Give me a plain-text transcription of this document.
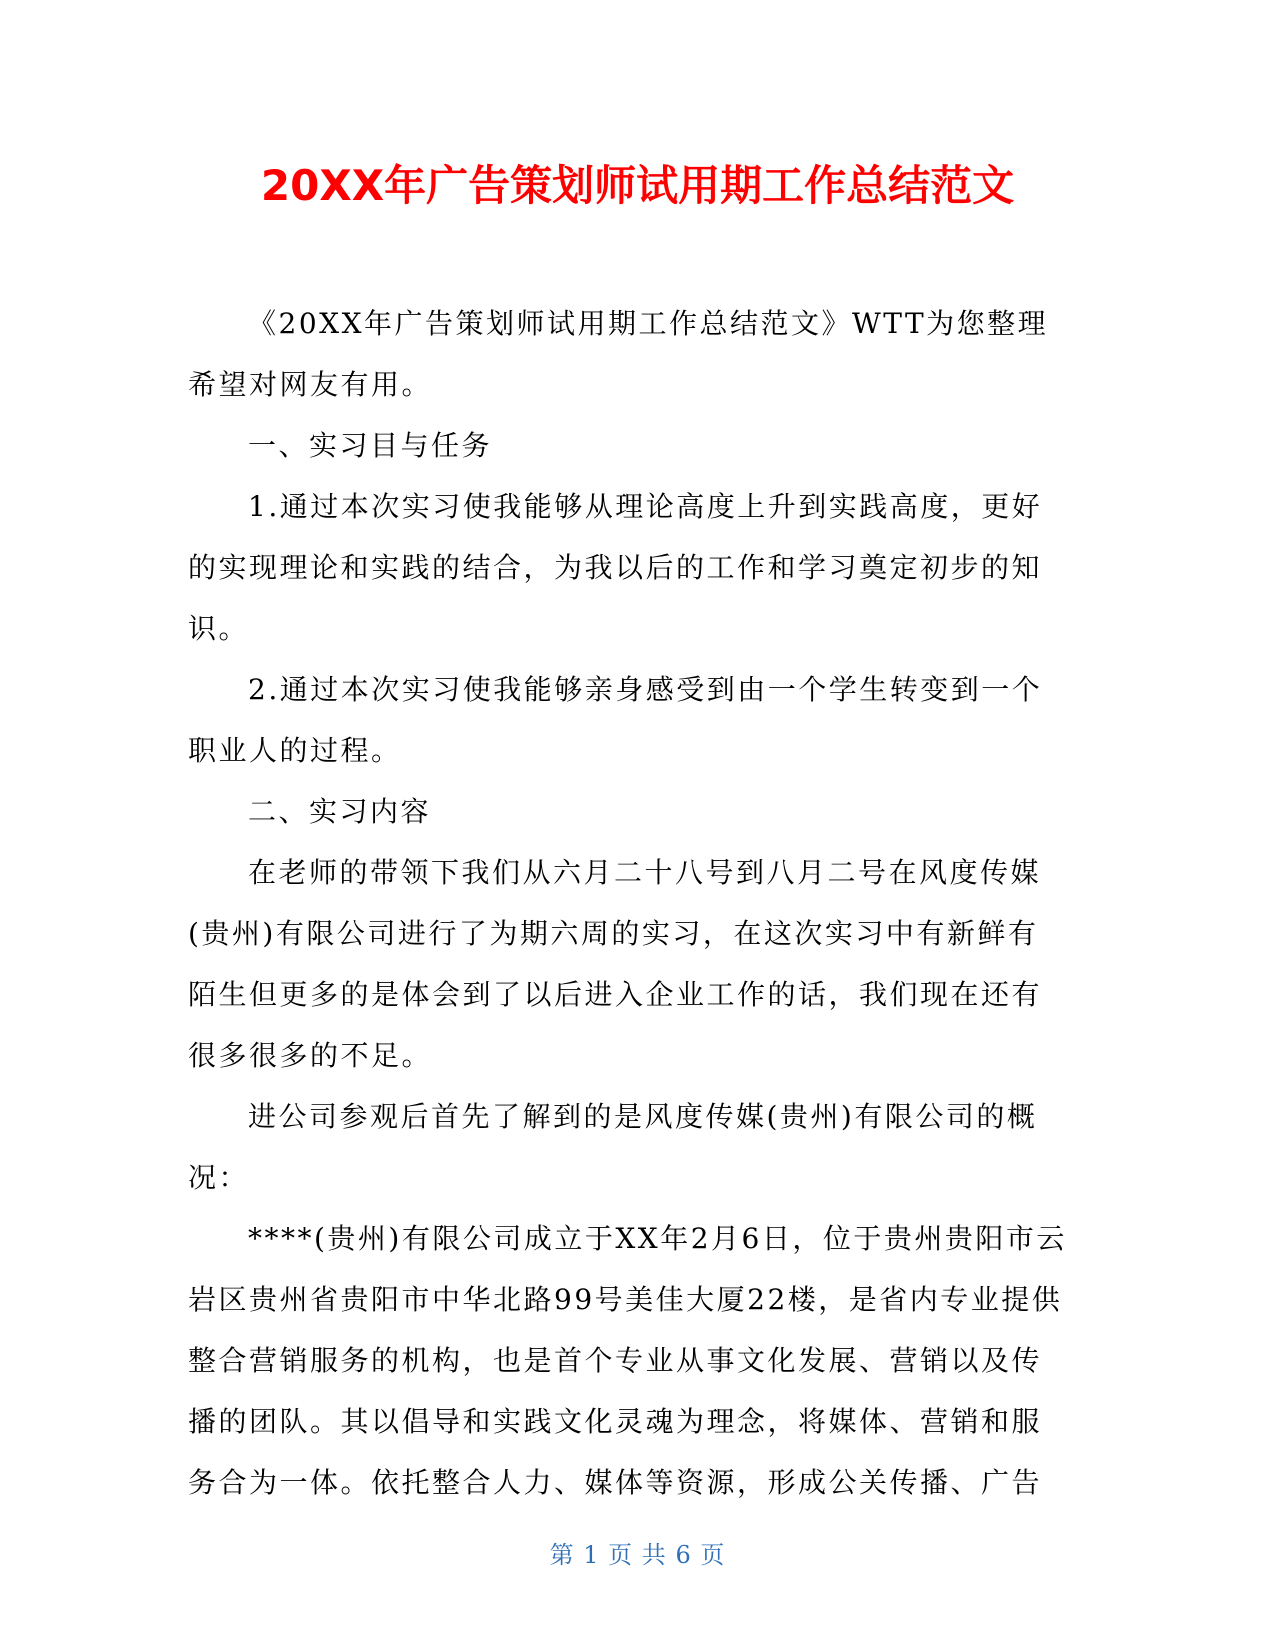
20XX年广告策划师试用期工作总结范文

《20XX年广告策划师试用期工作总结范文》WTT为您整理希望对网友有用。

一、实习目与任务

1.通过本次实习使我能够从理论高度上升到实践高度，更好的实现理论和实践的结合，为我以后的工作和学习奠定初步的知识。

2.通过本次实习使我能够亲身感受到由一个学生转变到一个职业人的过程。

二、实习内容

在老师的带领下我们从六月二十八号到八月二号在风度传媒(贵州)有限公司进行了为期六周的实习，在这次实习中有新鲜有陌生但更多的是体会到了以后进入企业工作的话，我们现在还有很多很多的不足。

进公司参观后首先了解到的是风度传媒(贵州)有限公司的概况：

****(贵州)有限公司成立于XX年2月6日，位于贵州贵阳市云岩区贵州省贵阳市中华北路99号美佳大厦22楼，是省内专业提供整合营销服务的机构，也是首个专业从事文化发展、营销以及传播的团队。其以倡导和实践文化灵魂为理念，将媒体、营销和服务合为一体。依托整合人力、媒体等资源，形成公关传播、广告

第 1 页 共 6 页
